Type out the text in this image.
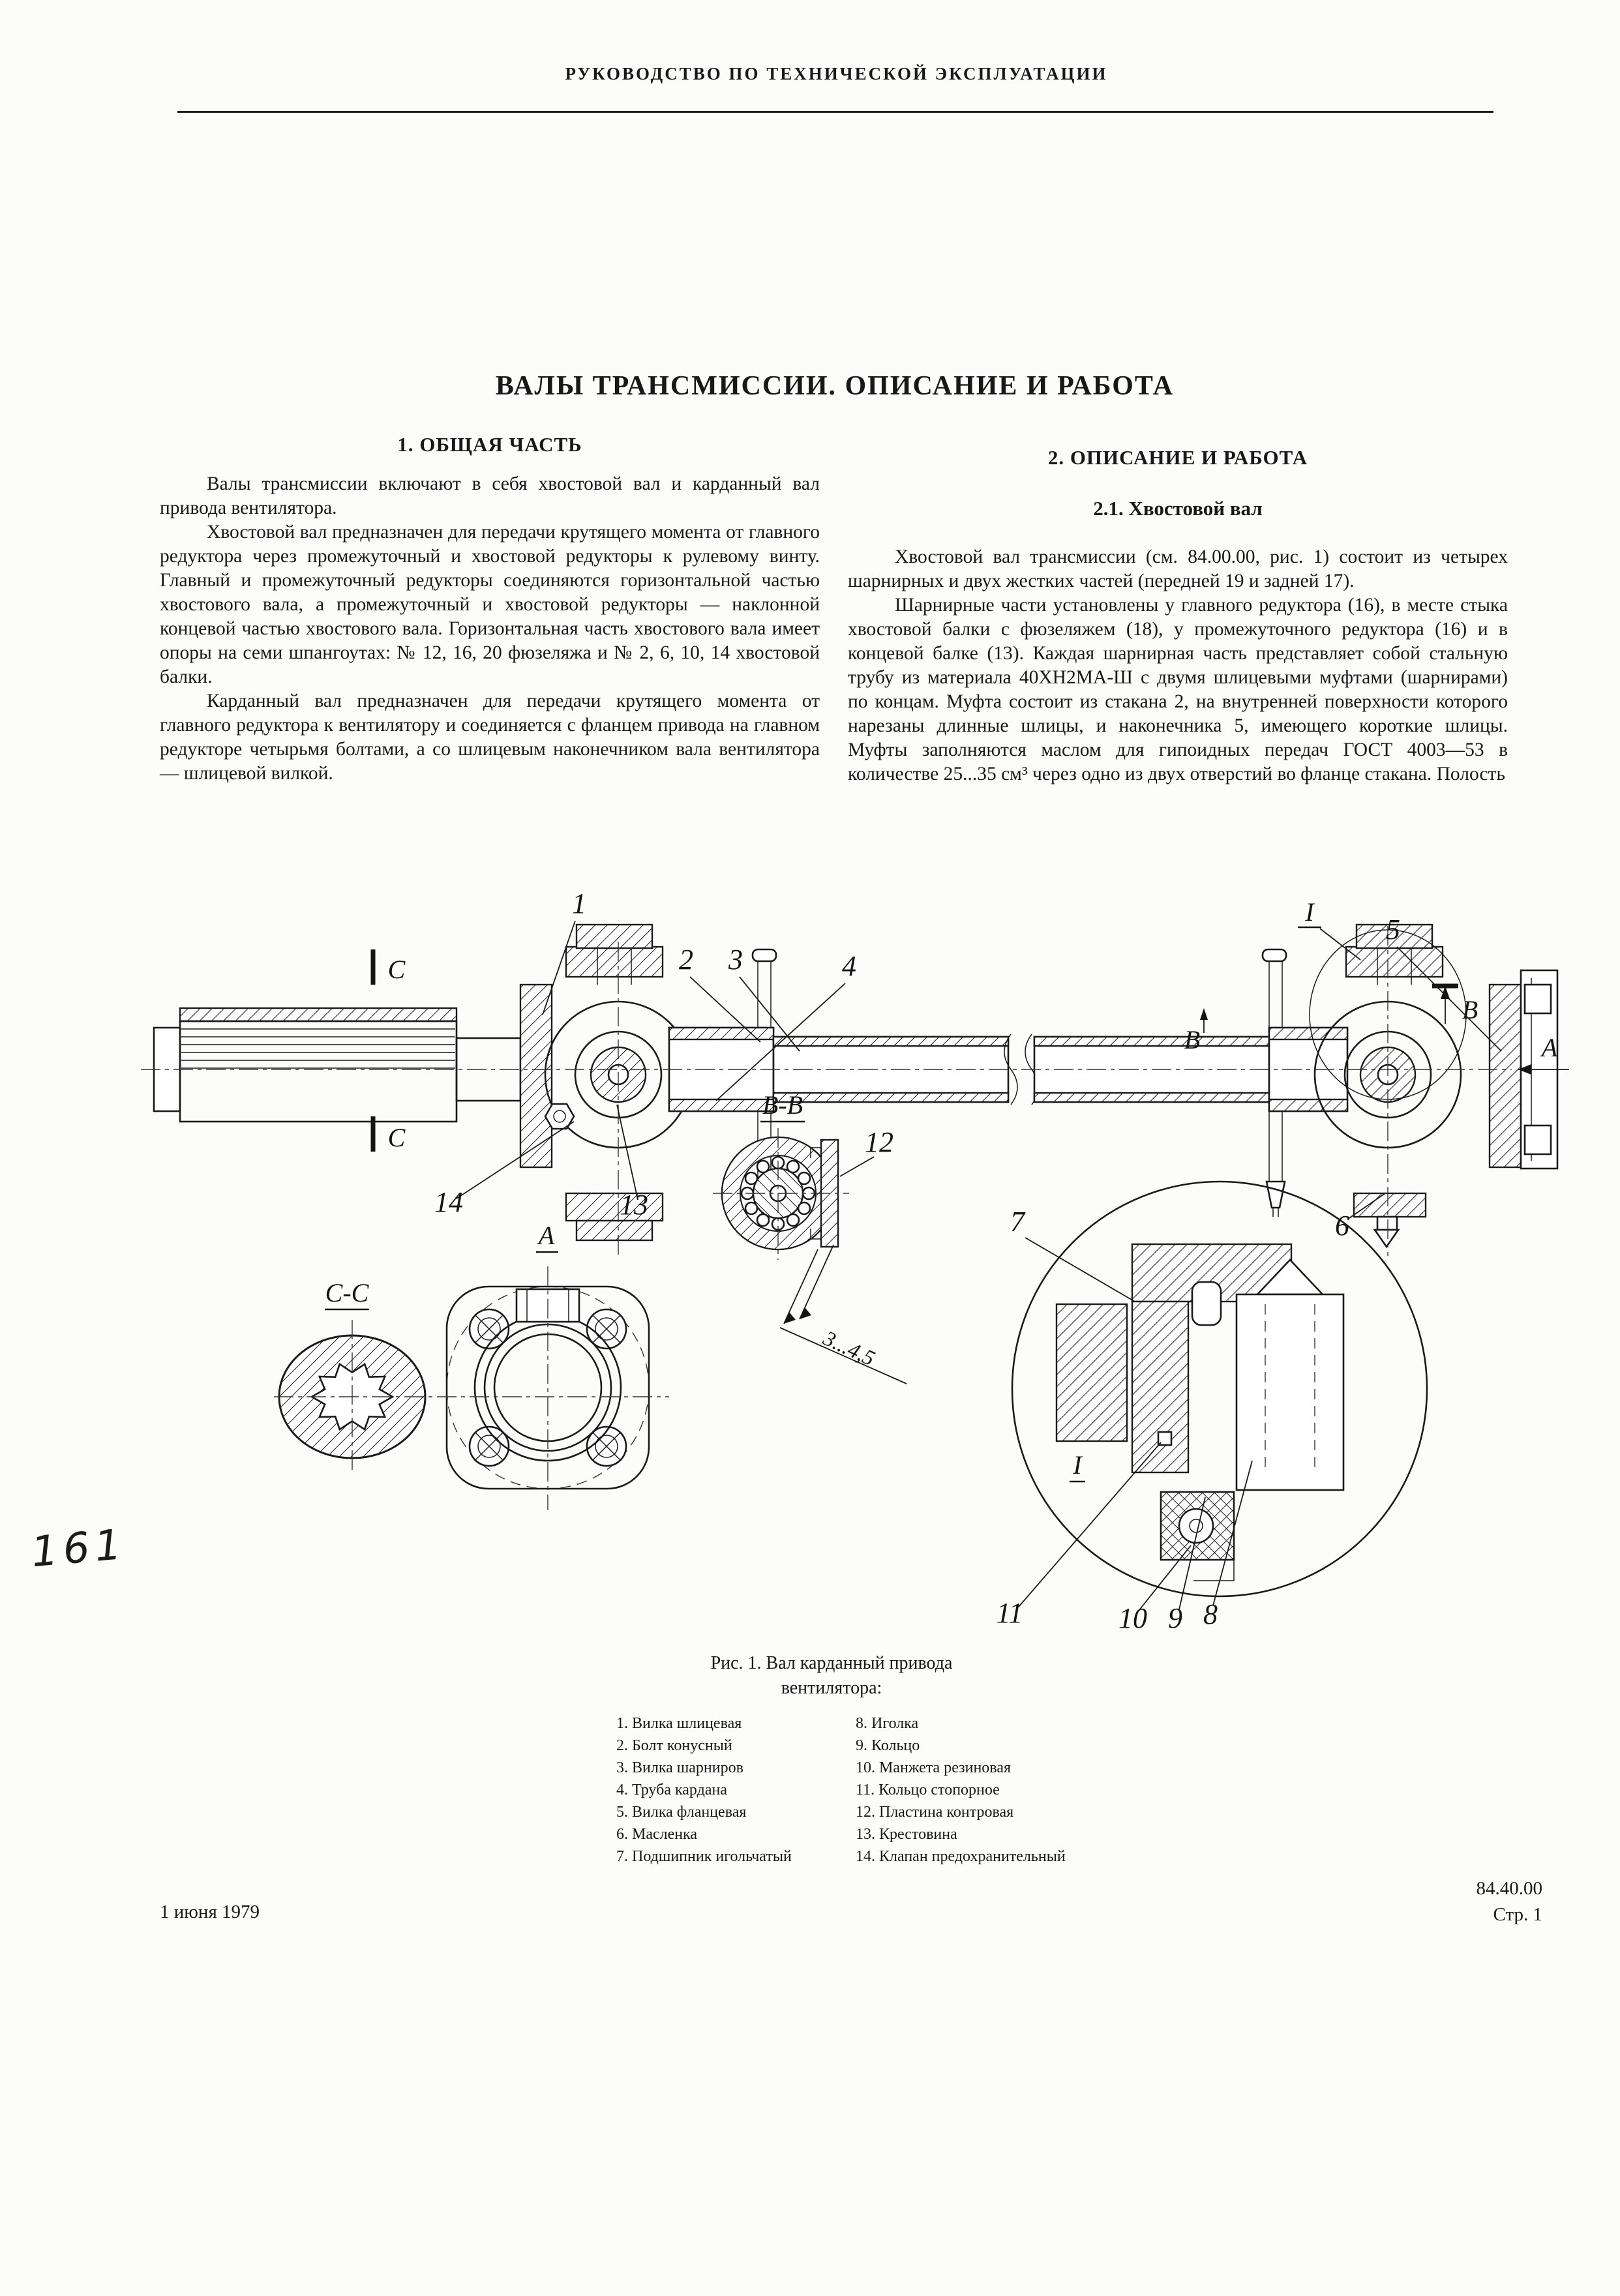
РУКОВОДСТВО ПО ТЕХНИЧЕСКОЙ ЭКСПЛУАТАЦИИ
ВАЛЫ ТРАНСМИССИИ. ОПИСАНИЕ И РАБОТА
1. ОБЩАЯ ЧАСТЬ

Валы трансмиссии включают в себя хвостовой вал и карданный вал привода вентилятора.

Хвостовой вал предназначен для передачи крутящего момента от главного редуктора через промежуточный и хвостовой редукторы к рулевому винту. Главный и промежуточный редукторы соединяются горизонтальной частью хвостового вала, а промежуточный и хвостовой редукторы — наклонной концевой частью хвостового вала. Горизонтальная часть хвостового вала имеет опоры на семи шпангоутах: № 12, 16, 20 фюзеляжа и № 2, 6, 10, 14 хвостовой балки.

Карданный вал предназначен для передачи крутящего момента от главного редуктора к вентилятору и соединяется с фланцем привода на главном редукторе четырьмя болтами, а со шлицевым наконечником вала вентилятора — шлицевой вилкой.

2. ОПИСАНИЕ И РАБОТА
2.1. Хвостовой вал

Хвостовой вал трансмиссии (см. 84.00.00, рис. 1) состоит из четырех шарнирных и двух жестких частей (передней 19 и задней 17).

Шарнирные части установлены у главного редуктора (16), в месте стыка хвостовой балки с фюзеляжем (18), у промежуточного редуктора (16) и в концевой балке (13). Каждая шарнирная часть представляет собой стальную трубу из материала 40ХН2МА-Ш с двумя шлицевыми муфтами (шарнирами) по концам. Муфта состоит из стакана 2, на внутренней поверхности которого нарезаны длинные шлицы, и наконечника 5, имеющего короткие шлицы. Муфты заполняются маслом для гипоидных передач ГОСТ 4003—53 в количестве 25...35 см³ через одно из двух отверстий во фланце стакана. Полость

C
C
B
A
B
1
2 3	4
5
I
14	13
6
B-B
12
3...4,5
C-C
А
I
7
11	10 9 8
161
Рис. 1. Вал карданный привода
вентилятора:
1. Вилка шлицевая
2. Болт конусный
3. Вилка шарниров
4. Труба кардана
5. Вилка фланцевая
6. Масленка
7. Подшипник игольчатый
8. Иголка
9. Кольцо
10. Манжета резиновая
11. Кольцо стопорное
12. Пластина контровая
13. Крестовина
14. Клапан предохранительный
1 июня 1979
84.40.00
Стр. 1
